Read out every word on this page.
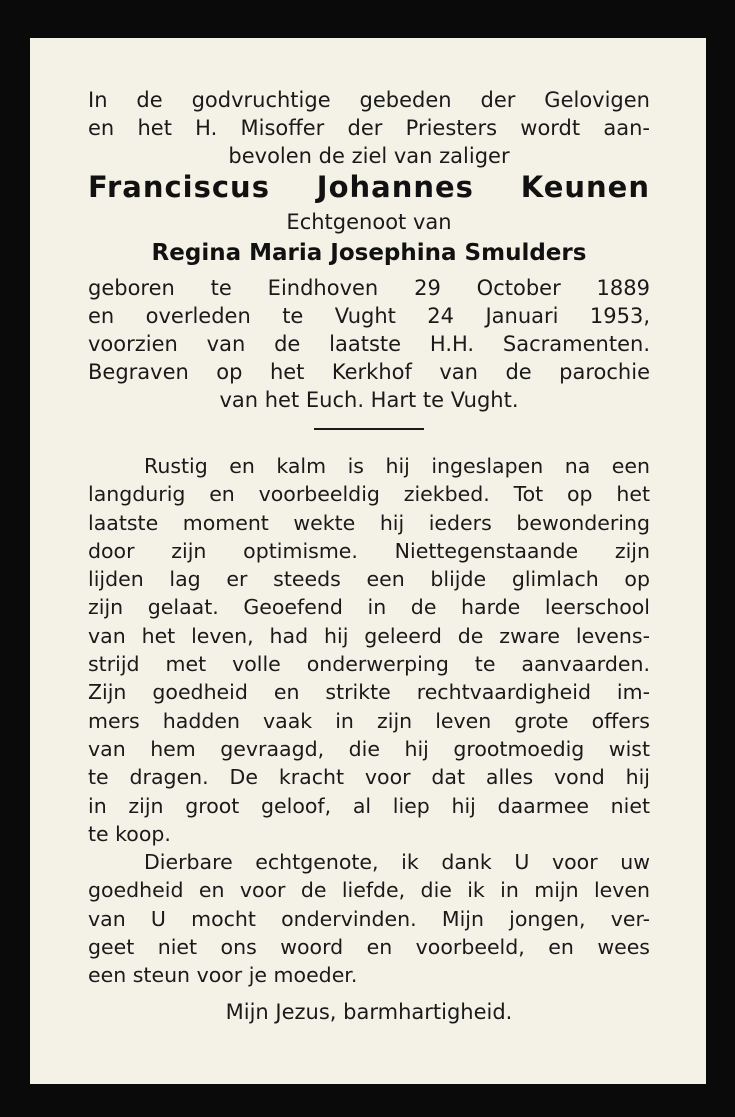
In de godvruchtige gebeden der Gelovigen
en het H. Misoffer der Priesters wordt aan-
bevolen de ziel van zaliger
Franciscus Johannes Keunen
Echtgenoot van
Regina Maria Josephina Smulders
geboren te Eindhoven 29 October 1889
en overleden te Vught 24 Januari 1953,
voorzien van de laatste H.H. Sacramenten.
Begraven op het Kerkhof van de parochie
van het Euch. Hart te Vught.
Rustig en kalm is hij ingeslapen na een
langdurig en voorbeeldig ziekbed. Tot op het
laatste moment wekte hij ieders bewondering
door zijn optimisme. Niettegenstaande zijn
lijden lag er steeds een blijde glimlach op
zijn gelaat. Geoefend in de harde leerschool
van het leven, had hij geleerd de zware levens-
strijd met volle onderwerping te aanvaarden.
Zijn goedheid en strikte rechtvaardigheid im-
mers hadden vaak in zijn leven grote offers
van hem gevraagd, die hij grootmoedig wist
te dragen. De kracht voor dat alles vond hij
in zijn groot geloof, al liep hij daarmee niet
te koop.
Dierbare echtgenote, ik dank U voor uw
goedheid en voor de liefde, die ik in mijn leven
van U mocht ondervinden. Mijn jongen, ver-
geet niet ons woord en voorbeeld, en wees
een steun voor je moeder.
Mijn Jezus, barmhartigheid.
